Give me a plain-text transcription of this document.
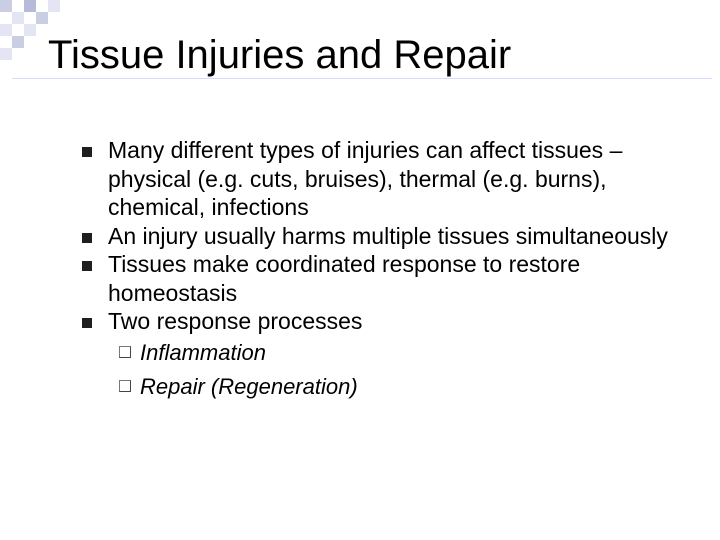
Tissue Injuries and Repair
Many different types of injuries can affect tissues – physical (e.g. cuts, bruises), thermal (e.g. burns), chemical, infections
An injury usually harms multiple tissues simultaneously
Tissues make coordinated response to restore homeostasis
Two response processes
Inflammation
Repair (Regeneration)
